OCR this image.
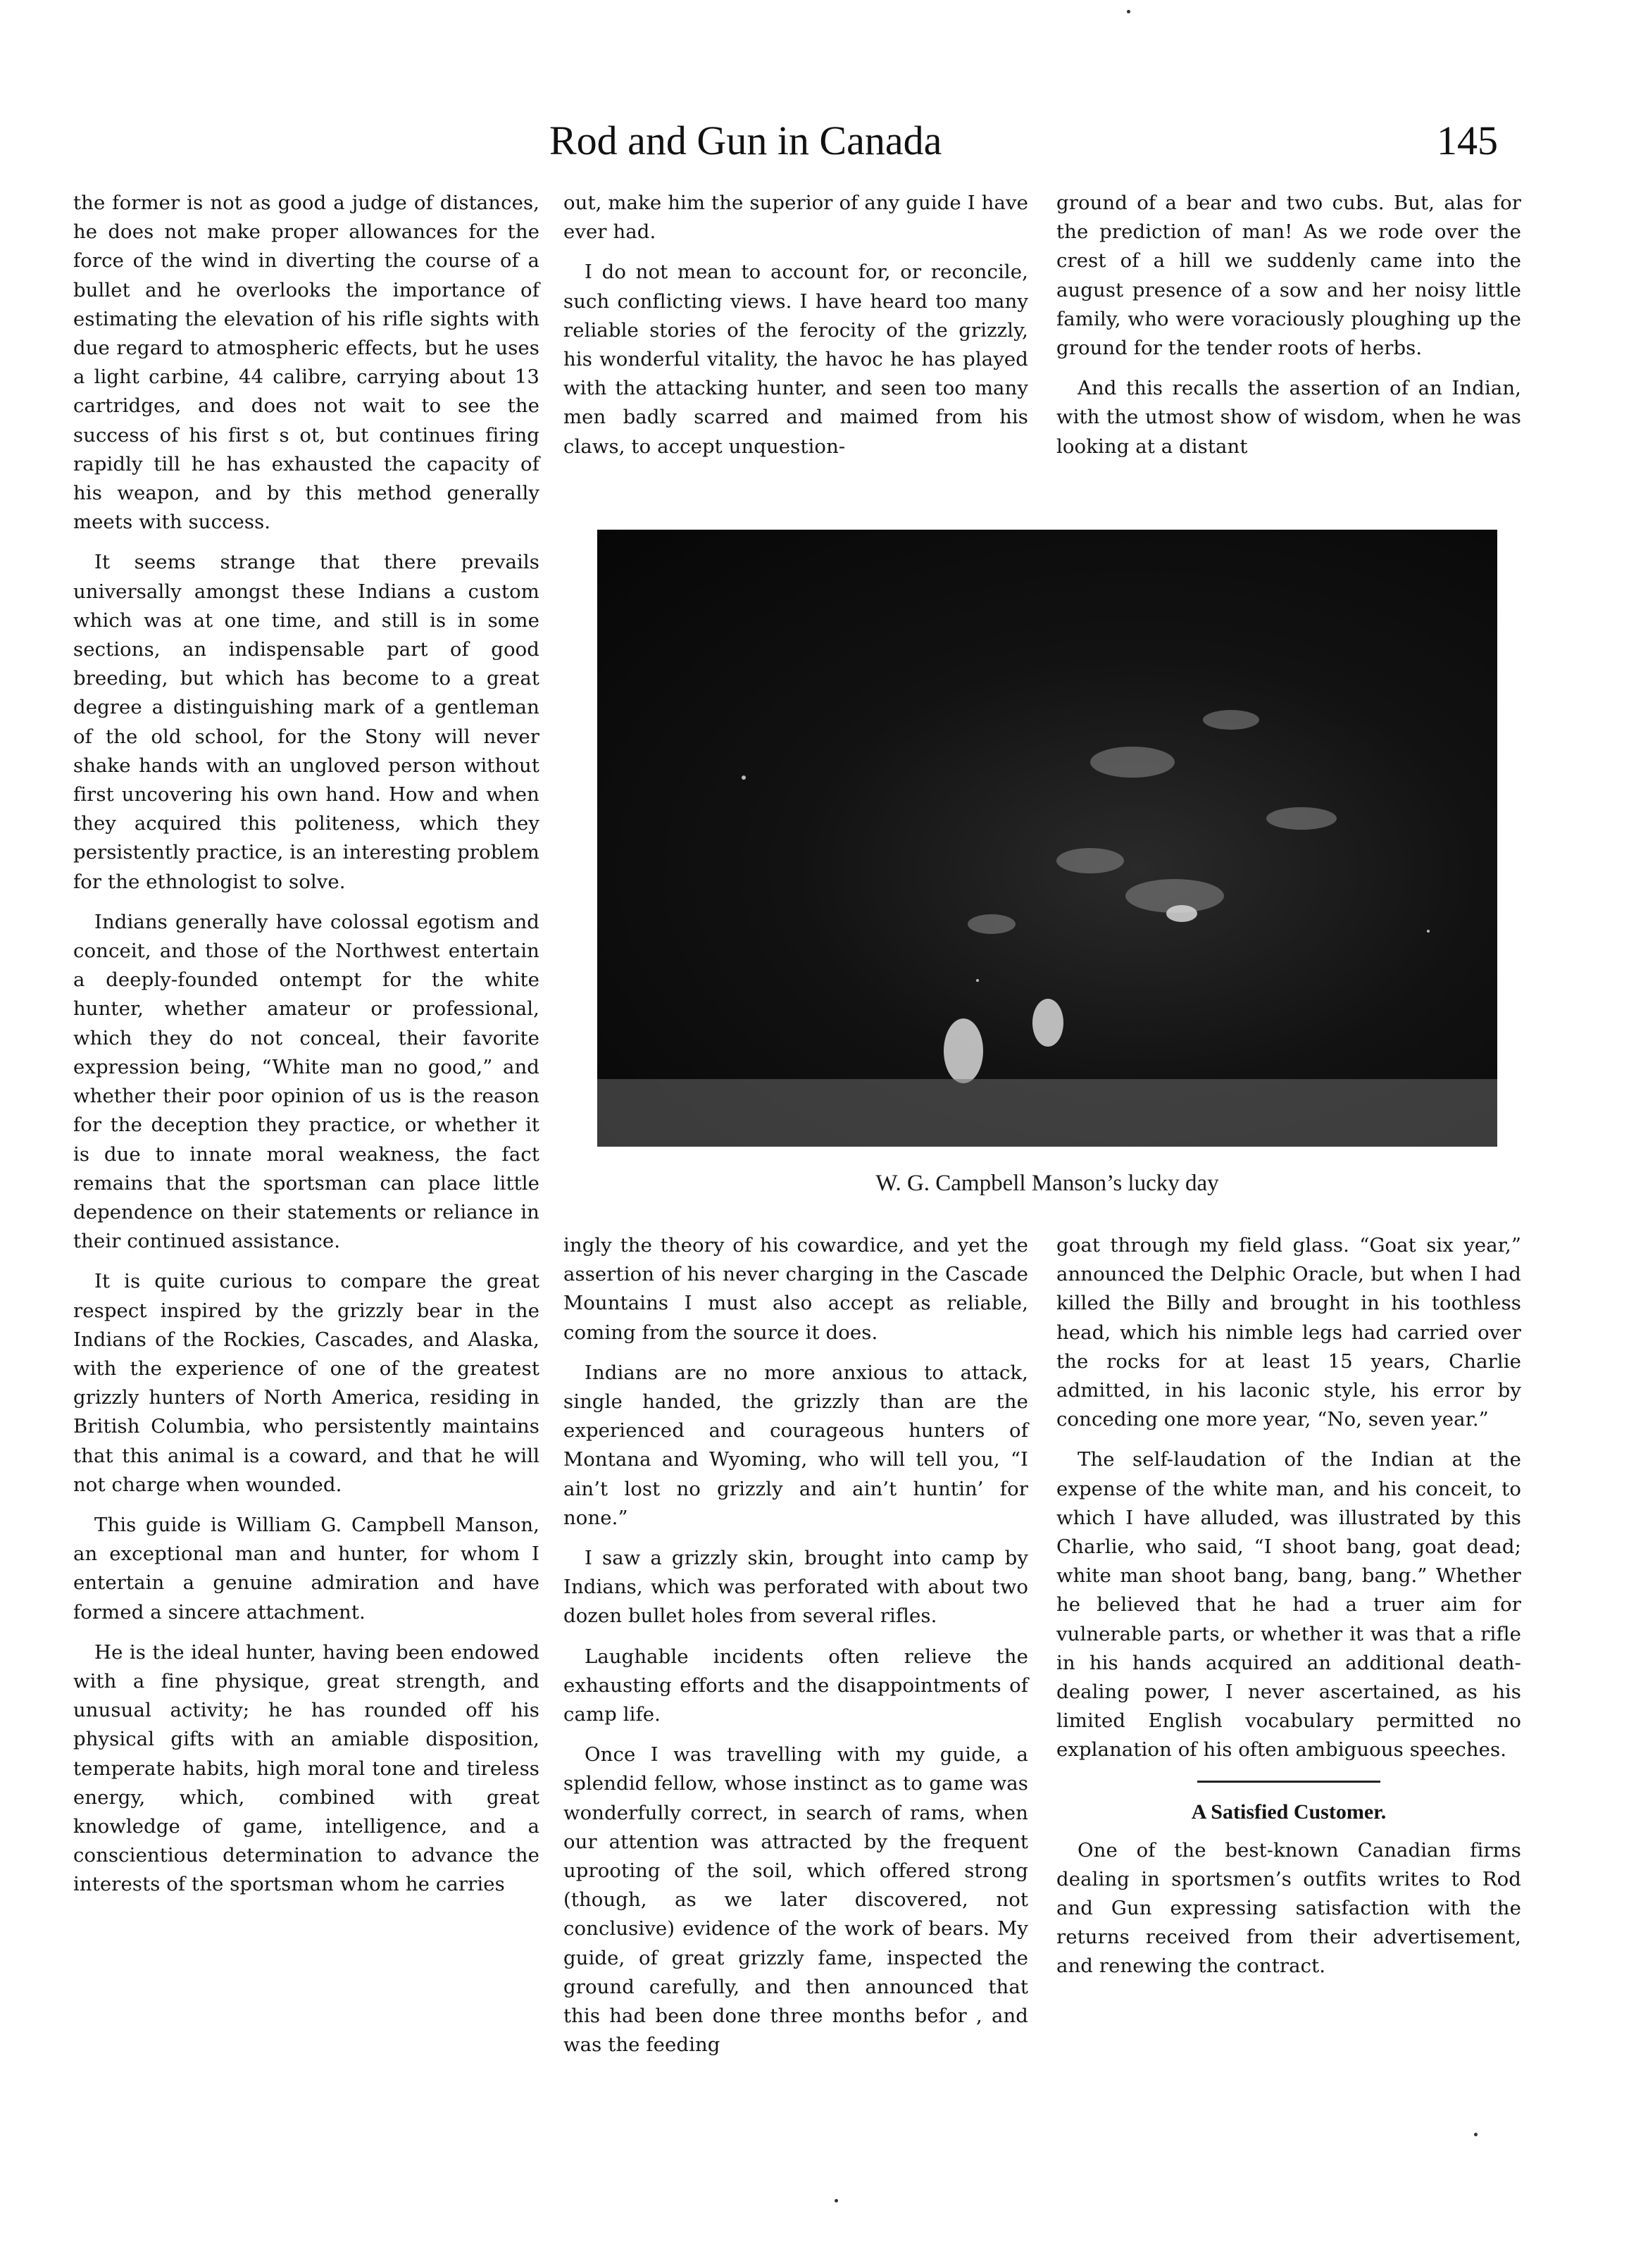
Rod and Gun in Canada	145

the former is not as good a judge of distances, he does not make proper allowances for the force of the wind in diverting the course of a bullet and he overlooks the importance of estimating the elevation of his rifle sights with due regard to atmospheric effects, but he uses a light carbine, 44 calibre, carrying about 13 cartridges, and does not wait to see the success of his first s ot, but continues firing rapidly till he has exhausted the capacity of his weapon, and by this method generally meets with success.

It seems strange that there prevails universally amongst these Indians a custom which was at one time, and still is in some sections, an indispensable part of good breeding, but which has become to a great degree a distinguishing mark of a gentleman of the old school, for the Stony will never shake hands with an ungloved person without first uncovering his own hand. How and when they acquired this politeness, which they persistently practice, is an interesting problem for the ethnologist to solve.

Indians generally have colossal egotism and conceit, and those of the Northwest entertain a deeply-founded ontempt for the white hunter, whether amateur or professional, which they do not conceal, their favorite expression being, “White man no good,” and whether their poor opinion of us is the reason for the deception they practice, or whether it is due to innate moral weakness, the fact remains that the sportsman can place little dependence on their statements or reliance in their continued assistance.

It is quite curious to compare the great respect inspired by the grizzly bear in the Indians of the Rockies, Cascades, and Alaska, with the experience of one of the greatest grizzly hunters of North America, residing in British Columbia, who persistently maintains that this animal is a coward, and that he will not charge when wounded.

This guide is William G. Campbell Manson, an exceptional man and hunter, for whom I entertain a genuine admiration and have formed a sincere attachment.

He is the ideal hunter, having been endowed with a fine physique, great strength, and unusual activity; he has rounded off his physical gifts with an amiable disposition, temperate habits, high moral tone and tireless energy, which, combined with great knowledge of game, intelligence, and a conscientious determination to advance the interests of the sportsman whom he carries

out, make him the superior of any guide I have ever had.

I do not mean to account for, or reconcile, such conflicting views. I have heard too many reliable stories of the ferocity of the grizzly, his wonderful vitality, the havoc he has played with the attacking hunter, and seen too many men badly scarred and maimed from his claws, to accept unquestion-

ground of a bear and two cubs. But, alas for the prediction of man! As we rode over the crest of a hill we suddenly came into the august presence of a sow and her noisy little family, who were voraciously ploughing up the ground for the tender roots of herbs.

And this recalls the assertion of an Indian, with the utmost show of wisdom, when he was looking at a distant

W. G. Campbell Manson’s lucky day

ingly the theory of his cowardice, and yet the assertion of his never charging in the Cascade Mountains I must also accept as reliable, coming from the source it does.

Indians are no more anxious to attack, single handed, the grizzly than are the experienced and courageous hunters of Montana and Wyoming, who will tell you, “I ain’t lost no grizzly and ain’t huntin’ for none.”

I saw a grizzly skin, brought into camp by Indians, which was perforated with about two dozen bullet holes from several rifles.

Laughable incidents often relieve the exhausting efforts and the disappointments of camp life.

Once I was travelling with my guide, a splendid fellow, whose instinct as to game was wonderfully correct, in search of rams, when our attention was attracted by the frequent uprooting of the soil, which offered strong (though, as we later discovered, not conclusive) evidence of the work of bears. My guide, of great grizzly fame, inspected the ground carefully, and then announced that this had been done three months befor , and was the feeding

goat through my field glass. “Goat six year,” announced the Delphic Oracle, but when I had killed the Billy and brought in his toothless head, which his nimble legs had carried over the rocks for at least 15 years, Charlie admitted, in his laconic style, his error by conceding one more year, “No, seven year.”

The self-laudation of the Indian at the expense of the white man, and his conceit, to which I have alluded, was illustrated by this Charlie, who said, “I shoot bang, goat dead; white man shoot bang, bang, bang.” Whether he believed that he had a truer aim for vulnerable parts, or whether it was that a rifle in his hands acquired an additional death-dealing power, I never ascertained, as his limited English vocabulary permitted no explanation of his often ambiguous speeches.

A Satisfied Customer.

One of the best-known Canadian firms dealing in sportsmen’s outfits writes to Rod and Gun expressing satisfaction with the returns received from their advertisement, and renewing the contract.
